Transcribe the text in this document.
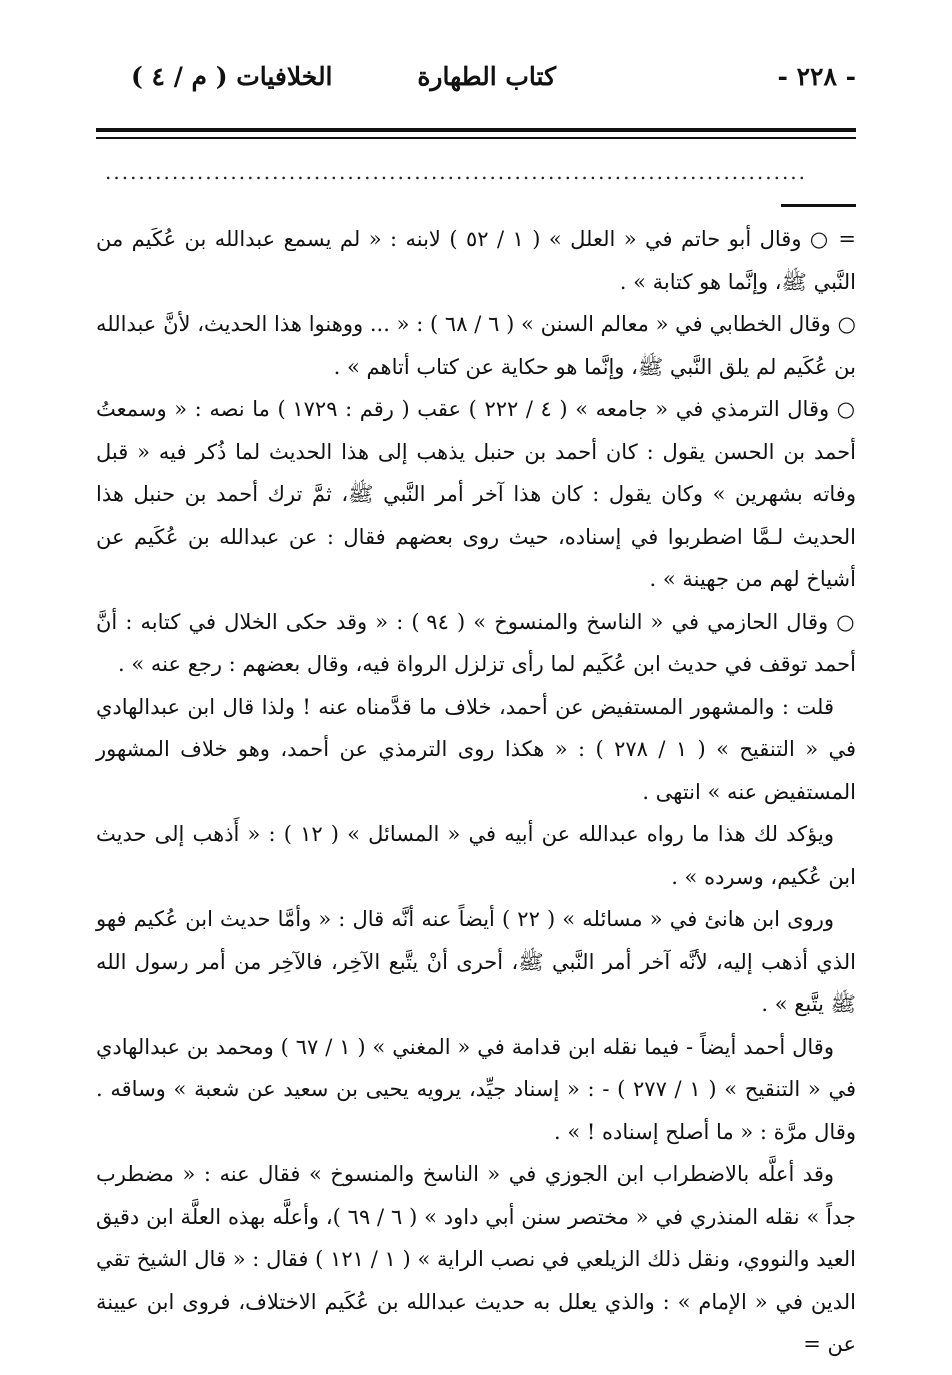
- ٢٢٨ -
كتاب الطهارة
الخلافيات ( م / ٤ )
....................................................................................

= ○ وقال أبو حاتم في « العلل » ( ١ / ٥٢ ) لابنه : « لم يسمع عبدالله بن عُكَيم من النَّبي ﷺ، وإنَّما هو كتابة » .

○ وقال الخطابي في « معالم السنن » ( ٦ / ٦٨ ) : « ... ووهنوا هذا الحديث، لأنَّ عبدالله بن عُكَيم لم يلق النَّبي ﷺ، وإنَّما هو حكاية عن كتاب أتاهم » .

○ وقال الترمذي في « جامعه » ( ٤ / ٢٢٢ ) عقب ( رقم : ١٧٢٩ ) ما نصه : « وسمعتُ أحمد بن الحسن يقول : كان أحمد بن حنبل يذهب إلى هذا الحديث لما ذُكر فيه « قبل وفاته بشهرين » وكان يقول : كان هذا آخر أمر النَّبي ﷺ، ثمَّ ترك أحمد بن حنبل هذا الحديث لـمَّا اضطربوا في إسناده، حيث روى بعضهم فقال : عن عبدالله بن عُكَيم عن أشياخ لهم من جهينة » .

○ وقال الحازمي في « الناسخ والمنسوخ » ( ٩٤ ) : « وقد حكى الخلال في كتابه : أنَّ أحمد توقف في حديث ابن عُكَيم لما رأى تزلزل الرواة فيه، وقال بعضهم : رجع عنه » .

قلت : والمشهور المستفيض عن أحمد، خلاف ما قدَّمناه عنه ! ولذا قال ابن عبدالهادي في « التنقيح » ( ١ / ٢٧٨ ) : « هكذا روى الترمذي عن أحمد، وهو خلاف المشهور المستفيض عنه » انتهى .

ويؤكد لك هذا ما رواه عبدالله عن أبيه في « المسائل » ( ١٢ ) : « أَذهب إلى حديث ابن عُكيم، وسرده » .

وروى ابن هانئ في « مسائله » ( ٢٢ ) أيضاً عنه أنَّه قال : « وأمَّا حديث ابن عُكيم فهو الذي أذهب إليه، لأنَّه آخر أمر النَّبي ﷺ، أحرى أنْ يتَّبع الآخِر، فالآخِر من أمر رسول الله ﷺ يتَّبع » .

وقال أحمد أيضاً - فيما نقله ابن قدامة في « المغني » ( ١ / ٦٧ ) ومحمد بن عبدالهادي في « التنقيح » ( ١ / ٢٧٧ ) - : « إسناد جيِّد، يرويه يحيى بن سعيد عن شعبة » وساقه . وقال مرَّة : « ما أصلح إسناده ! » .

وقد أعلَّه بالاضطراب ابن الجوزي في « الناسخ والمنسوخ » فقال عنه : « مضطرب جداً » نقله المنذري في « مختصر سنن أبي داود » ( ٦ / ٦٩ )، وأعلَّه بهذه العلَّة ابن دقيق العيد والنووي، ونقل ذلك الزيلعي في نصب الراية » ( ١ / ١٢١ ) فقال : « قال الشيخ تقي الدين في « الإمام » : والذي يعلل به حديث عبدالله بن عُكَيم الاختلاف، فروى ابن عيينة عن =
